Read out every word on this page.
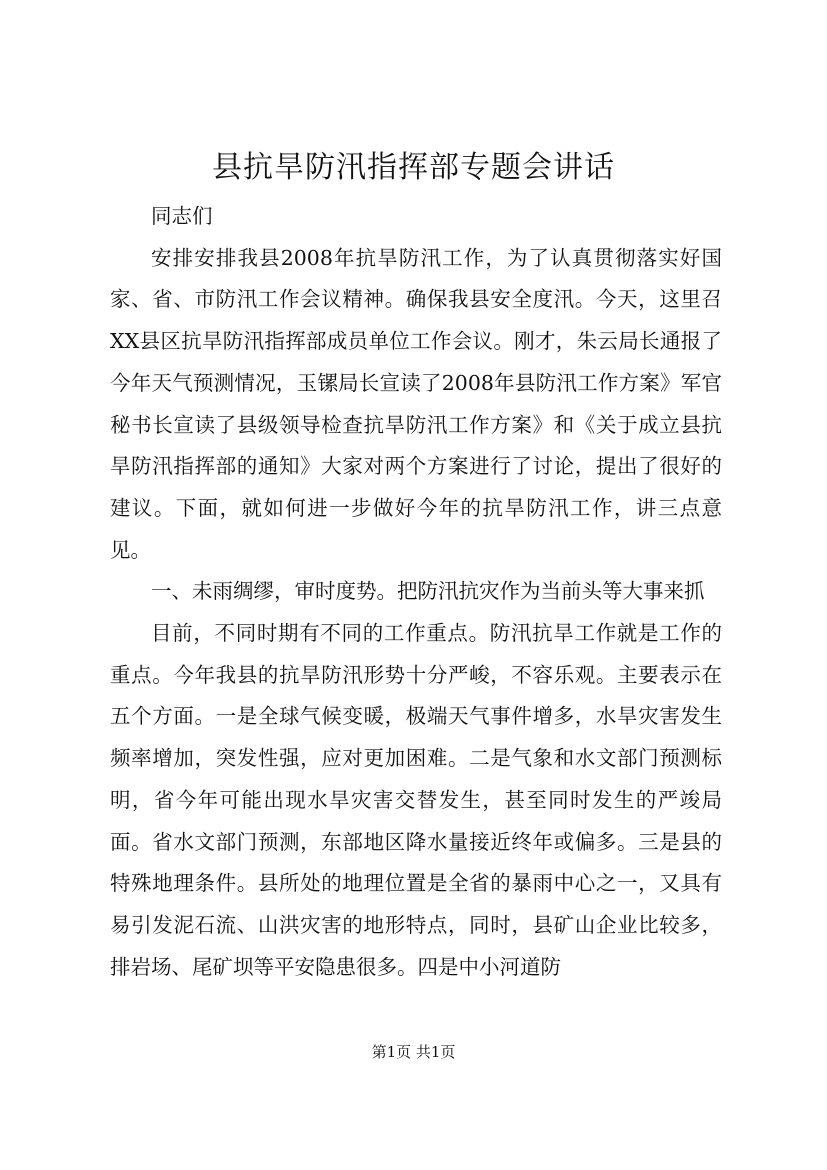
县抗旱防汛指挥部专题会讲话

同志们

安排安排我县2008年抗旱防汛工作，为了认真贯彻落实好国家、省、市防汛工作会议精神。确保我县安全度汛。今天，这里召XX县区抗旱防汛指挥部成员单位工作会议。刚才，朱云局长通报了今年天气预测情况，玉镙局长宣读了2008年县防汛工作方案》军官秘书长宣读了县级领导检查抗旱防汛工作方案》和《关于成立县抗旱防汛指挥部的通知》大家对两个方案进行了讨论，提出了很好的建议。下面，就如何进一步做好今年的抗旱防汛工作，讲三点意见。

一、未雨绸缪，审时度势。把防汛抗灾作为当前头等大事来抓

目前，不同时期有不同的工作重点。防汛抗旱工作就是工作的重点。今年我县的抗旱防汛形势十分严峻，不容乐观。主要表示在五个方面。一是全球气候变暖，极端天气事件增多，水旱灾害发生频率增加，突发性强，应对更加困难。二是气象和水文部门预测标明，省今年可能出现水旱灾害交替发生，甚至同时发生的严竣局面。省水文部门预测，东部地区降水量接近终年或偏多。三是县的特殊地理条件。县所处的地理位置是全省的暴雨中心之一，又具有易引发泥石流、山洪灾害的地形特点，同时，县矿山企业比较多，排岩场、尾矿坝等平安隐患很多。四是中小河道防

第1页 共1页
